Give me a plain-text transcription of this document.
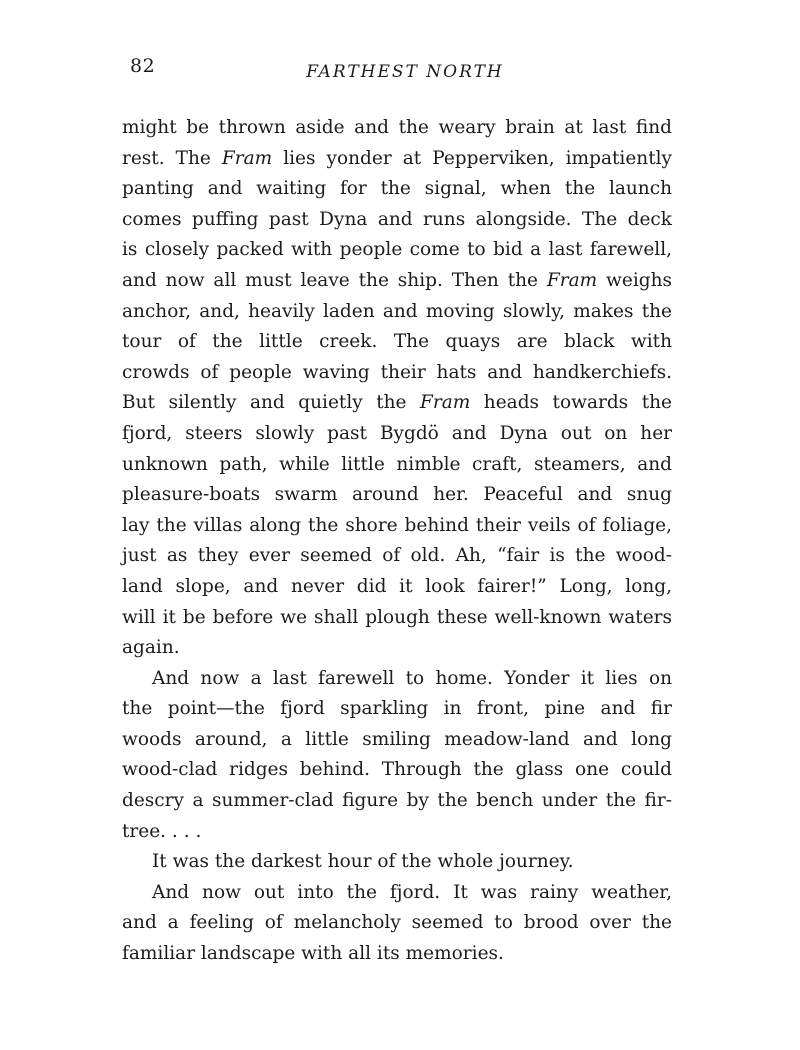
82	FARTHEST NORTH
might be thrown aside and the weary brain at last find
rest. The Fram lies yonder at Pepperviken, impatiently
panting and waiting for the signal, when the launch
comes puffing past Dyna and runs alongside. The deck
is closely packed with people come to bid a last farewell,
and now all must leave the ship. Then the Fram weighs
anchor, and, heavily laden and moving slowly, makes the
tour of the little creek. The quays are black with
crowds of people waving their hats and handkerchiefs.
But silently and quietly the Fram heads towards the
fjord, steers slowly past Bygdö and Dyna out on her
unknown path, while little nimble craft, steamers, and
pleasure-boats swarm around her. Peaceful and snug
lay the villas along the shore behind their veils of foliage,
just as they ever seemed of old. Ah, “fair is the wood-
land slope, and never did it look fairer!” Long, long,
will it be before we shall plough these well-known waters
again.
And now a last farewell to home. Yonder it lies on
the point—the fjord sparkling in front, pine and fir
woods around, a little smiling meadow-land and long
wood-clad ridges behind. Through the glass one could
descry a summer-clad figure by the bench under the fir-
tree. . . .
It was the darkest hour of the whole journey.
And now out into the fjord. It was rainy weather,
and a feeling of melancholy seemed to brood over the
familiar landscape with all its memories.
